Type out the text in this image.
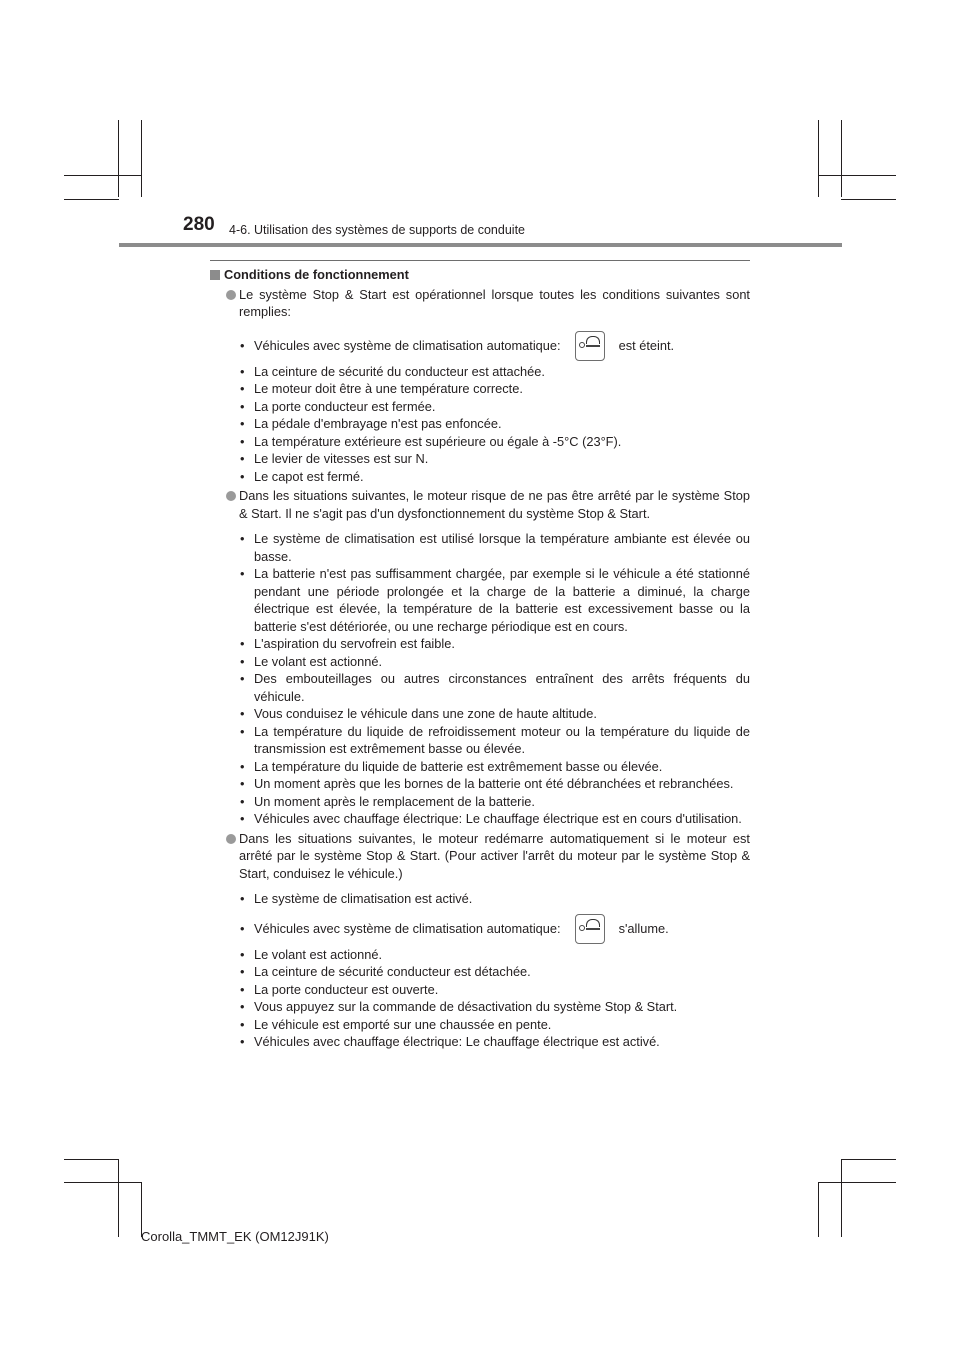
280 4-6. Utilisation des systèmes de supports de conduite
Conditions de fonctionnement
Le système Stop & Start est opérationnel lorsque toutes les conditions suivantes sont remplies:
• Véhicules avec système de climatisation automatique:	est éteint.
• La ceinture de sécurité du conducteur est attachée.
• Le moteur doit être à une température correcte.
• La porte conducteur est fermée.
• La pédale d'embrayage n'est pas enfoncée.
• La température extérieure est supérieure ou égale à -5°C (23°F).
• Le levier de vitesses est sur N.
• Le capot est fermé.
Dans les situations suivantes, le moteur risque de ne pas être arrêté par le système Stop & Start. Il ne s'agit pas d'un dysfonctionnement du système Stop & Start.
• Le système de climatisation est utilisé lorsque la température ambiante est élevée ou basse.
• La batterie n'est pas suffisamment chargée, par exemple si le véhicule a été stationné pendant une période prolongée et la charge de la batterie a diminué, la charge électrique est élevée, la température de la batterie est excessivement basse ou la batterie s'est détériorée, ou une recharge périodique est en cours.
• L'aspiration du servofrein est faible.
• Le volant est actionné.
• Des embouteillages ou autres circonstances entraînent des arrêts fréquents du véhicule.
• Vous conduisez le véhicule dans une zone de haute altitude.
• La température du liquide de refroidissement moteur ou la température du liquide de transmission est extrêmement basse ou élevée.
• La température du liquide de batterie est extrêmement basse ou élevée.
• Un moment après que les bornes de la batterie ont été débranchées et rebranchées.
• Un moment après le remplacement de la batterie.
• Véhicules avec chauffage électrique: Le chauffage électrique est en cours d'utilisation.
Dans les situations suivantes, le moteur redémarre automatiquement si le moteur est arrêté par le système Stop & Start. (Pour activer l'arrêt du moteur par le système Stop & Start, conduisez le véhicule.)
• Le système de climatisation est activé.
• Véhicules avec système de climatisation automatique:	s'allume.
• Le volant est actionné.
• La ceinture de sécurité conducteur est détachée.
• La porte conducteur est ouverte.
• Vous appuyez sur la commande de désactivation du système Stop & Start.
• Le véhicule est emporté sur une chaussée en pente.
• Véhicules avec chauffage électrique: Le chauffage électrique est activé.
Corolla_TMMT_EK (OM12J91K)
